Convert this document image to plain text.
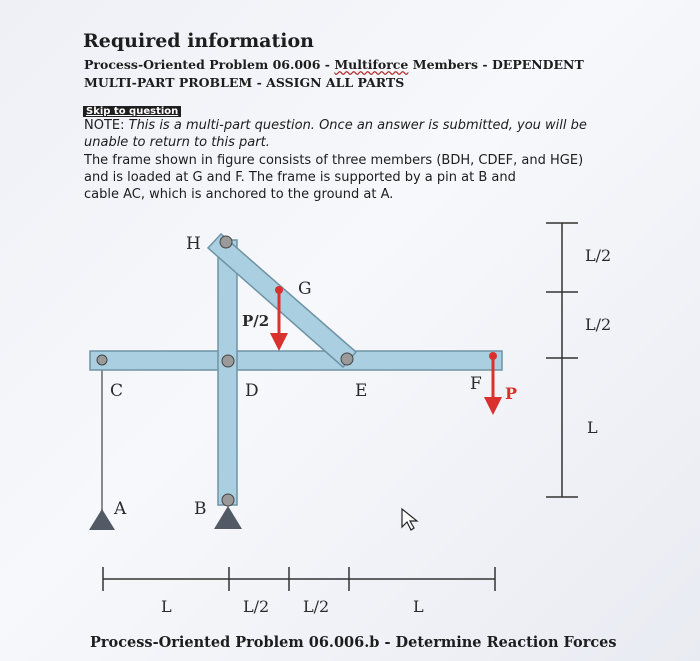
Required information
Process-Oriented Problem 06.006 - Multiforce Members - DEPENDENT
MULTI-PART PROBLEM - ASSIGN ALL PARTS
Skip to question
NOTE: This is a multi-part question. Once an answer is submitted, you will be
unable to return to this part.
The frame shown in figure consists of three members (BDH, CDEF, and HGE)
and is loaded at G and F. The frame is supported by a pin at B and
cable AC, which is anchored to the ground at A.
H
G
C	D	E	F
A	B
P/2
P
L/2
L/2
L
L	L/2 L/2	L
Process-Oriented Problem 06.006.b - Determine Reaction Forces
